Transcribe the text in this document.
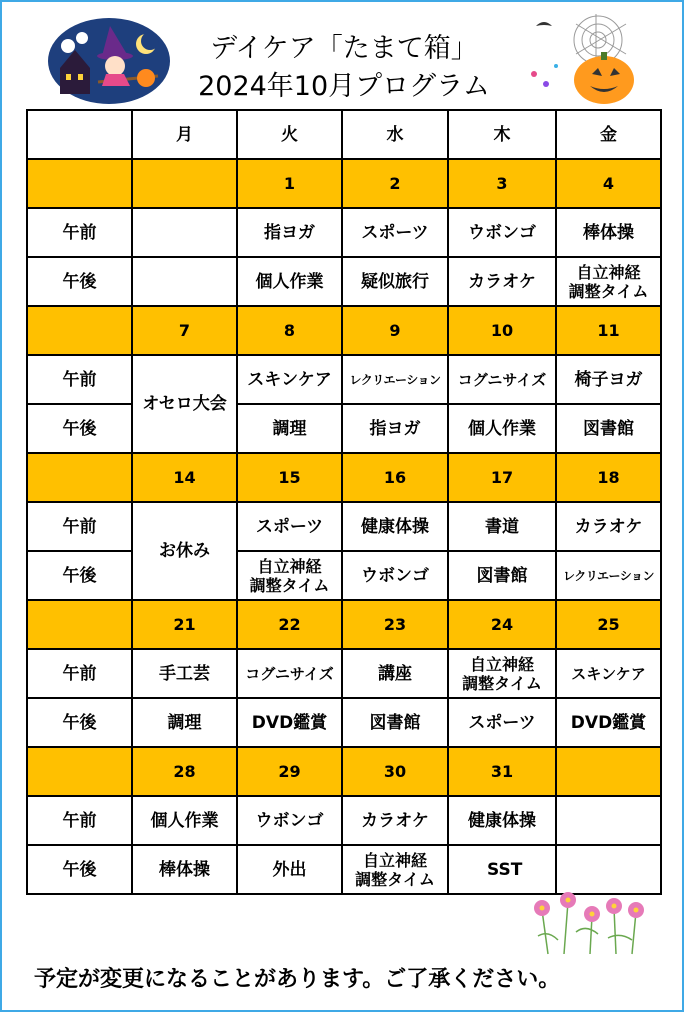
デイケア「たまて箱」
2024年10月プログラム
	月	火	水	木	金
		1	2	3	4
午前		指ヨガ	スポーツ	ウボンゴ	棒体操
午後		個人作業	疑似旅行	カラオケ	自立神経
調整タイム
	7	8	9	10	11
午前	オセロ大会	スキンケア	レクリエーション	コグニサイズ	椅子ヨガ
午後		調理	指ヨガ	個人作業	図書館
	14	15	16	17	18
午前	お休み	スポーツ	健康体操	書道	カラオケ
午後		自立神経
調整タイム	ウボンゴ	図書館	レクリエーション
	21	22	23	24	25
午前	手工芸	コグニサイズ	講座	自立神経
調整タイム	スキンケア
午後	調理	DVD鑑賞	図書館	スポーツ	DVD鑑賞
	28	29	30	31	
午前	個人作業	ウボンゴ	カラオケ	健康体操	
午後	棒体操	外出	自立神経
調整タイム	SST	
予定が変更になることがあります。ご了承ください。
